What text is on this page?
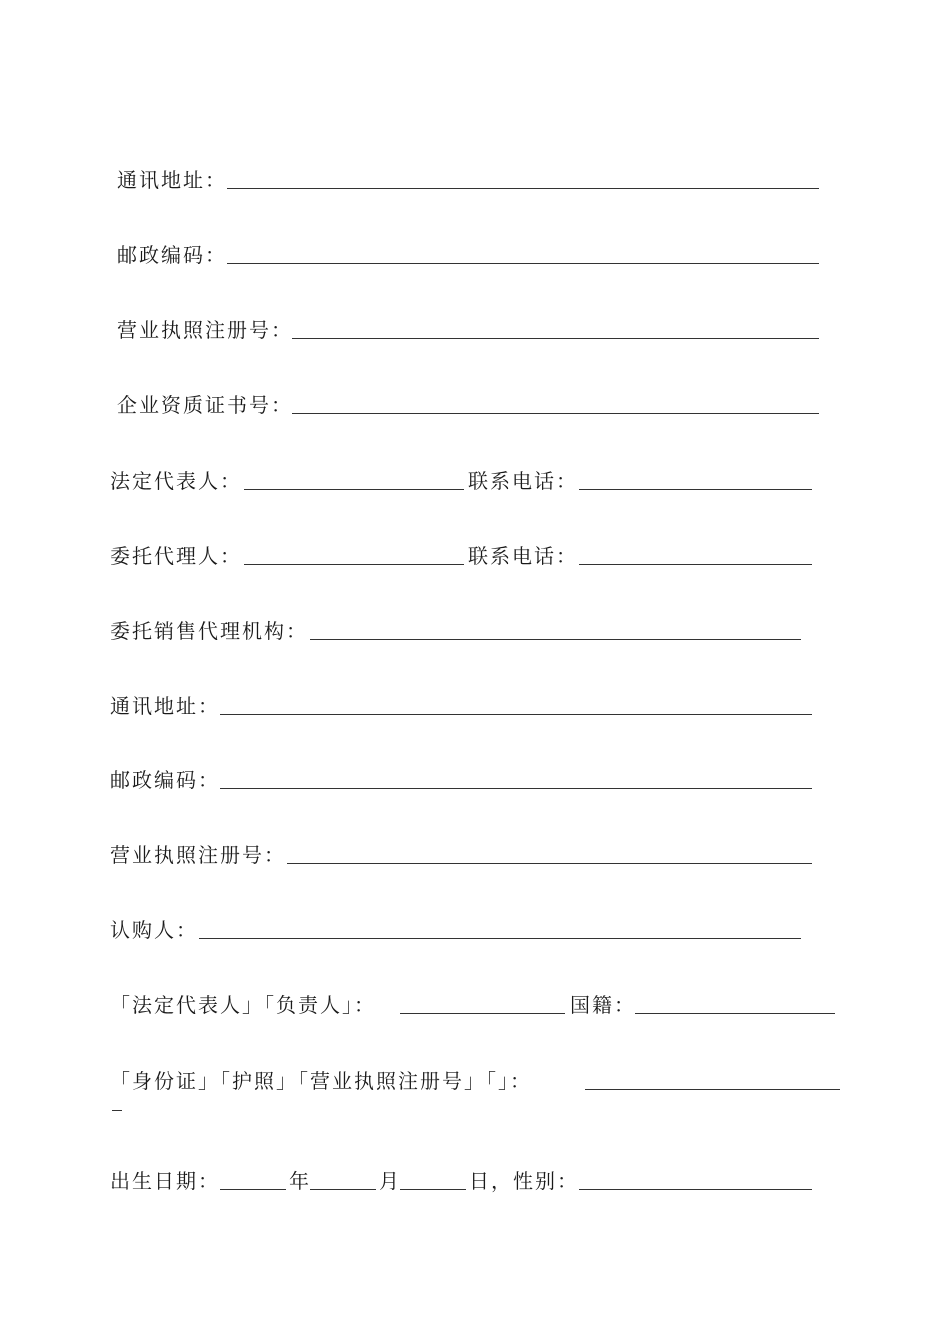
通讯地址：
邮政编码：
营业执照注册号：
企业资质证书号：
法定代表人：	联系电话：
委托代理人：	联系电话：
委托销售代理机构：
通讯地址：
邮政编码：
营业执照注册号：
认购人：
「法定代表人」「负责人」：	国籍：
「身份证」「护照」「营业执照注册号」「」：
出生日期：	年	月	日，性别：
